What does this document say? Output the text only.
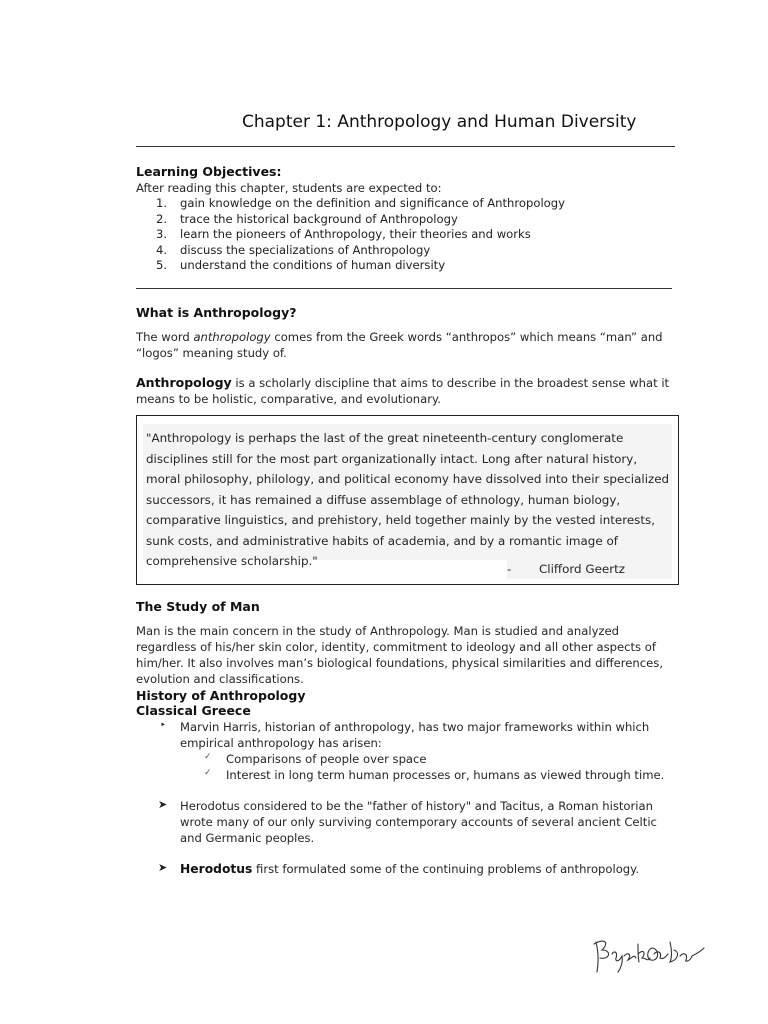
Chapter 1: Anthropology and Human Diversity
Learning Objectives:
After reading this chapter, students are expected to:
1.	gain knowledge on the definition and significance of Anthropology
2.	trace the historical background of Anthropology
3.	learn the pioneers of Anthropology, their theories and works
4.	discuss the specializations of Anthropology
5.	understand the conditions of human diversity
What is Anthropology?
The word anthropology comes from the Greek words “anthropos” which means “man” and “logos” meaning study of.
Anthropology is a scholarly discipline that aims to describe in the broadest sense what it means to be holistic, comparative, and evolutionary.
"Anthropology is perhaps the last of the great nineteenth-century conglomerate disciplines still for the most part organizationally intact. Long after natural history, moral philosophy, philology, and political economy have dissolved into their specialized successors, it has remained a diffuse assemblage of ethnology, human biology, comparative linguistics, and prehistory, held together mainly by the vested interests, sunk costs, and administrative habits of academia, and by a romantic image of comprehensive scholarship."
- Clifford Geertz
The Study of Man
Man is the main concern in the study of Anthropology. Man is studied and analyzed regardless of his/her skin color, identity, commitment to ideology and all other aspects of him/her. It also involves man’s biological foundations, physical similarities and differences, evolution and classifications.
History of Anthropology
Classical Greece
‣ Marvin Harris, historian of anthropology, has two major frameworks within which empirical anthropology has arisen:
✓ Comparisons of people over space
✓ Interest in long term human processes or, humans as viewed through time.
➤ Herodotus considered to be the "father of history" and Tacitus, a Roman historian wrote many of our only surviving contemporary accounts of several ancient Celtic and Germanic peoples.
➤ Herodotus first formulated some of the continuing problems of anthropology.
